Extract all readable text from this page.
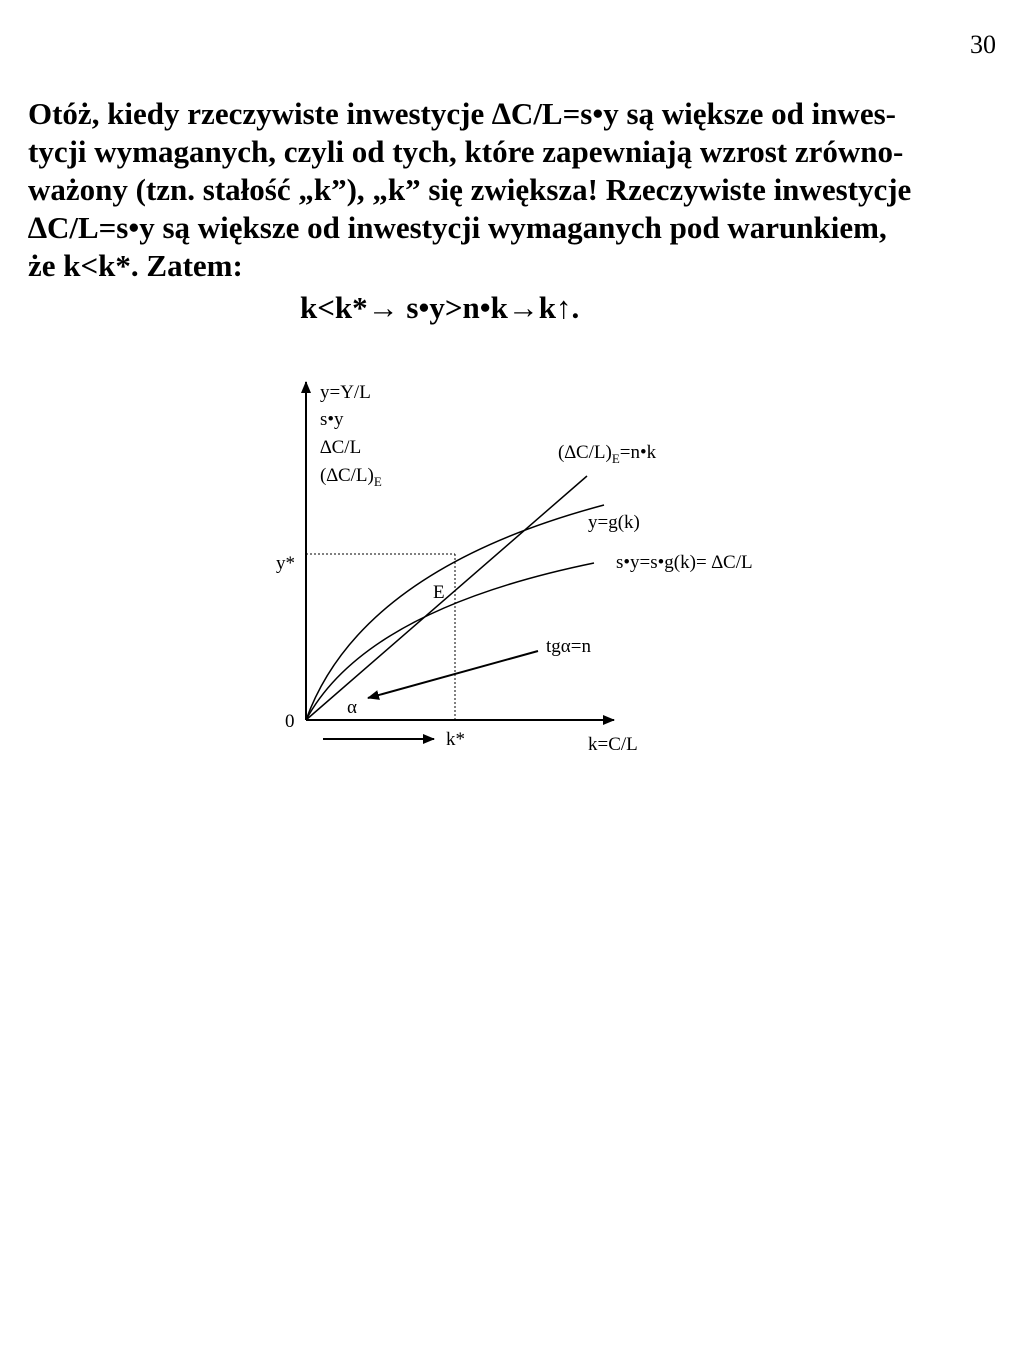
30

Otóż, kiedy rzeczywiste inwestycje ∆C/L=s•y są większe od inwes-
tycji wymaganych, czyli od tych, które zapewniają wzrost zrówno-
ważony (tzn. stałość „k”), „k” się zwiększa! Rzeczywiste inwestycje
∆C/L=s•y są większe od inwestycji wymaganych pod warunkiem,
że k<k*. Zatem:

k<k*→ s•y>n•k→k↑.
y=Y/L
s•y
∆C/L
$(\Delta C/L)_E$
$(\Delta C/L)_E=n•k$
y=g(k)
s•y=s•g(k)= ∆C/L
tgα=n
y*
E
α
0
k*	k=C/L
